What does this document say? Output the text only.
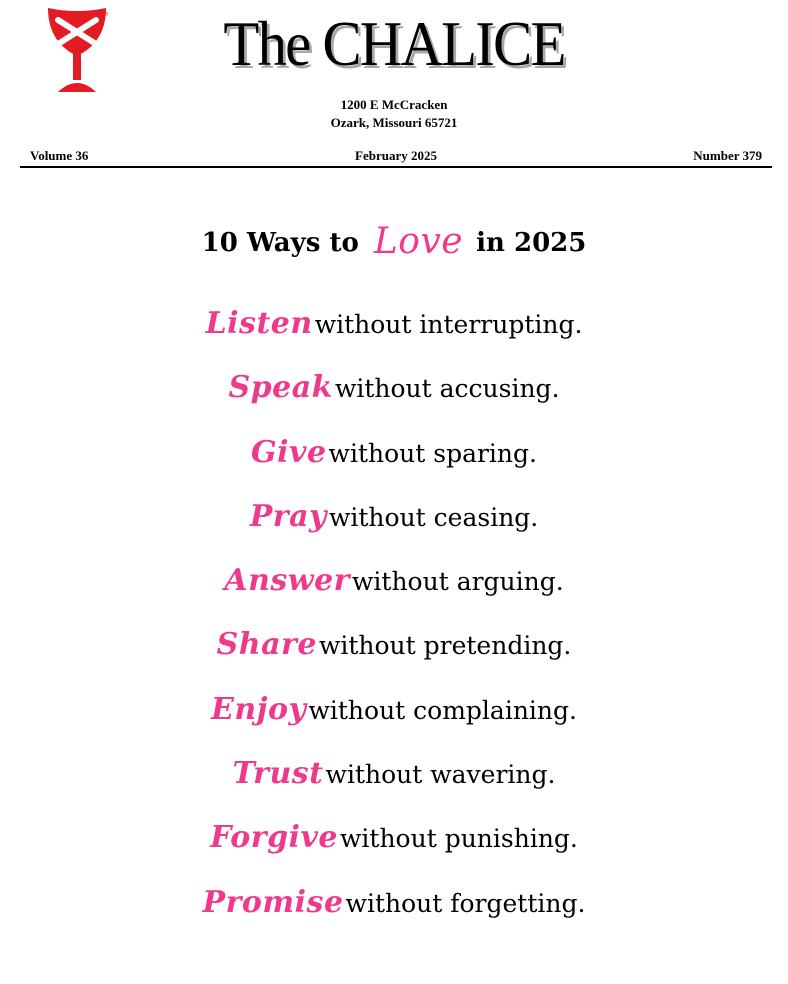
®	The CHALICE
1200 E McCracken
Ozark, Missouri 65721
February 2025
Volume 36	Number 379
10 Ways to Love in 2025
Listenwithout interrupting.
Speakwithout accusing.
Givewithout sparing.
Praywithout ceasing.
Answerwithout arguing.
Sharewithout pretending.
Enjoywithout complaining.
Trustwithout wavering.
Forgivewithout punishing.
Promisewithout forgetting.
